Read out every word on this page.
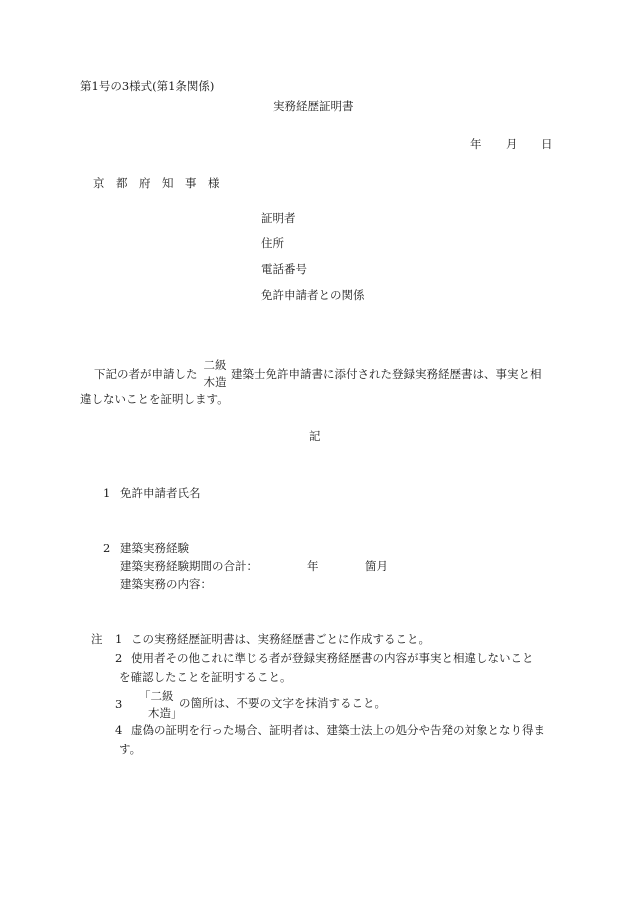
第1号の3様式(第1条関係)
実務経歴証明書
年 月 日
京 都 府 知 事 様
証明者
住所
電話番号
免許申請者との関係
下記の者が申請した
二級
木造
建築士免許申請書に添付された登録実務経歴書は、事実と相
違しないことを証明します。
記
1 免許申請者氏名
2 建築実務経験
建築実務経験期間の合計：	年	箇月
建築実務の内容：
注 1 この実務経歴証明書は、実務経歴書ごとに作成すること。
2 使用者その他これに準じる者が登録実務経歴書の内容が事実と相違しないこと
を確認したことを証明すること。
3
「二級
木造」
の箇所は、不要の文字を抹消すること。
4 虚偽の証明を行った場合、証明者は、建築士法上の処分や告発の対象となり得ま
す。
